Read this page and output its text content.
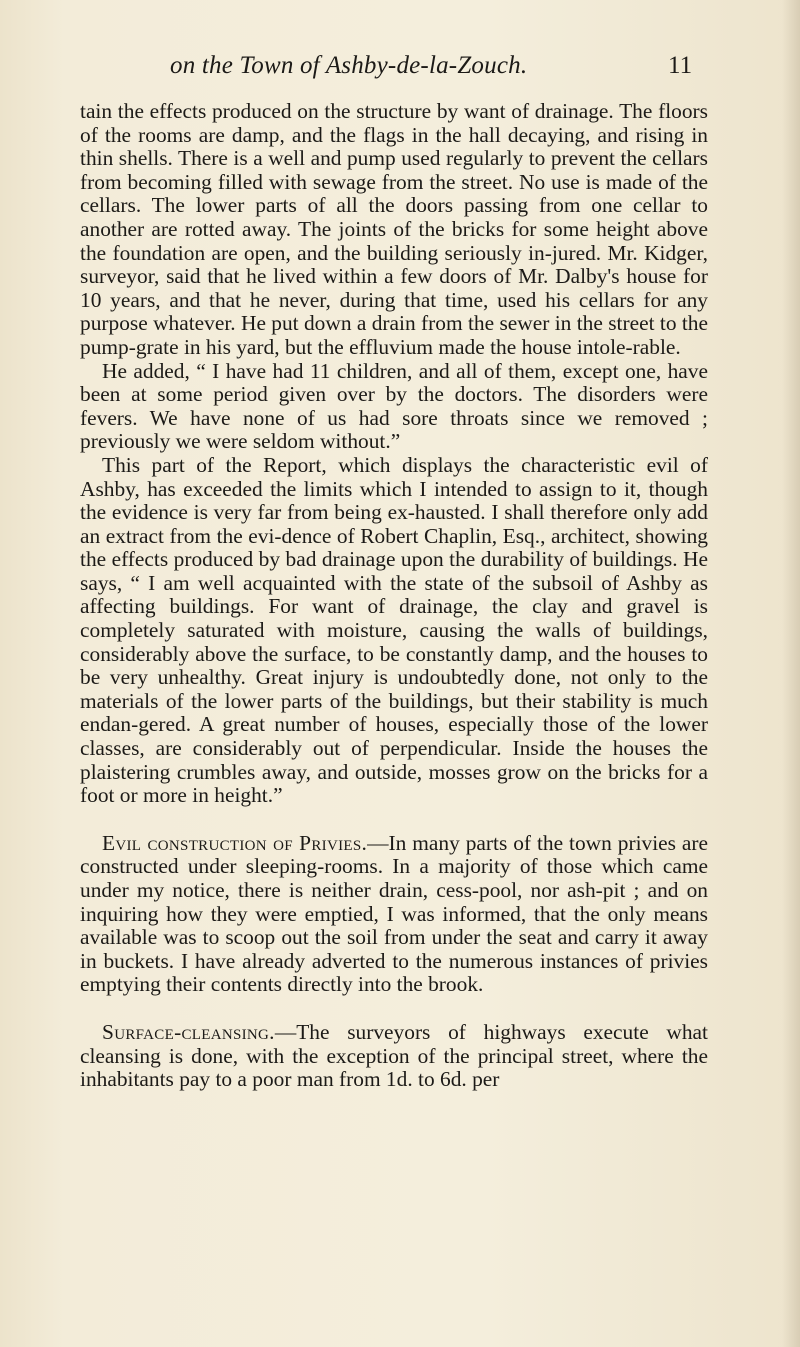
on the Town of Ashby-de-la-Zouch.	11

tain the effects produced on the structure by want of drainage. The floors of the rooms are damp, and the flags in the hall decaying, and rising in thin shells. There is a well and pump used regularly to prevent the cellars from becoming filled with sewage from the street. No use is made of the cellars. The lower parts of all the doors passing from one cellar to another are rotted away. The joints of the bricks for some height above the foundation are open, and the building seriously in-jured. Mr. Kidger, surveyor, said that he lived within a few doors of Mr. Dalby's house for 10 years, and that he never, during that time, used his cellars for any purpose whatever. He put down a drain from the sewer in the street to the pump-grate in his yard, but the effluvium made the house intole-rable.

He added, “ I have had 11 children, and all of them, except one, have been at some period given over by the doctors. The disorders were fevers. We have none of us had sore throats since we removed ; previously we were seldom without.”

This part of the Report, which displays the characteristic evil of Ashby, has exceeded the limits which I intended to assign to it, though the evidence is very far from being ex-hausted. I shall therefore only add an extract from the evi-dence of Robert Chaplin, Esq., architect, showing the effects produced by bad drainage upon the durability of buildings. He says, “ I am well acquainted with the state of the subsoil of Ashby as affecting buildings. For want of drainage, the clay and gravel is completely saturated with moisture, causing the walls of buildings, considerably above the surface, to be constantly damp, and the houses to be very unhealthy. Great injury is undoubtedly done, not only to the materials of the lower parts of the buildings, but their stability is much endan-gered. A great number of houses, especially those of the lower classes, are considerably out of perpendicular. Inside the houses the plaistering crumbles away, and outside, mosses grow on the bricks for a foot or more in height.”

Evil construction of Privies.—In many parts of the town privies are constructed under sleeping-rooms. In a majority of those which came under my notice, there is neither drain, cess-pool, nor ash-pit ; and on inquiring how they were emptied, I was informed, that the only means available was to scoop out the soil from under the seat and carry it away in buckets. I have already adverted to the numerous instances of privies emptying their contents directly into the brook.

Surface-cleansing.—The surveyors of highways execute what cleansing is done, with the exception of the principal street, where the inhabitants pay to a poor man from 1d. to 6d. per
